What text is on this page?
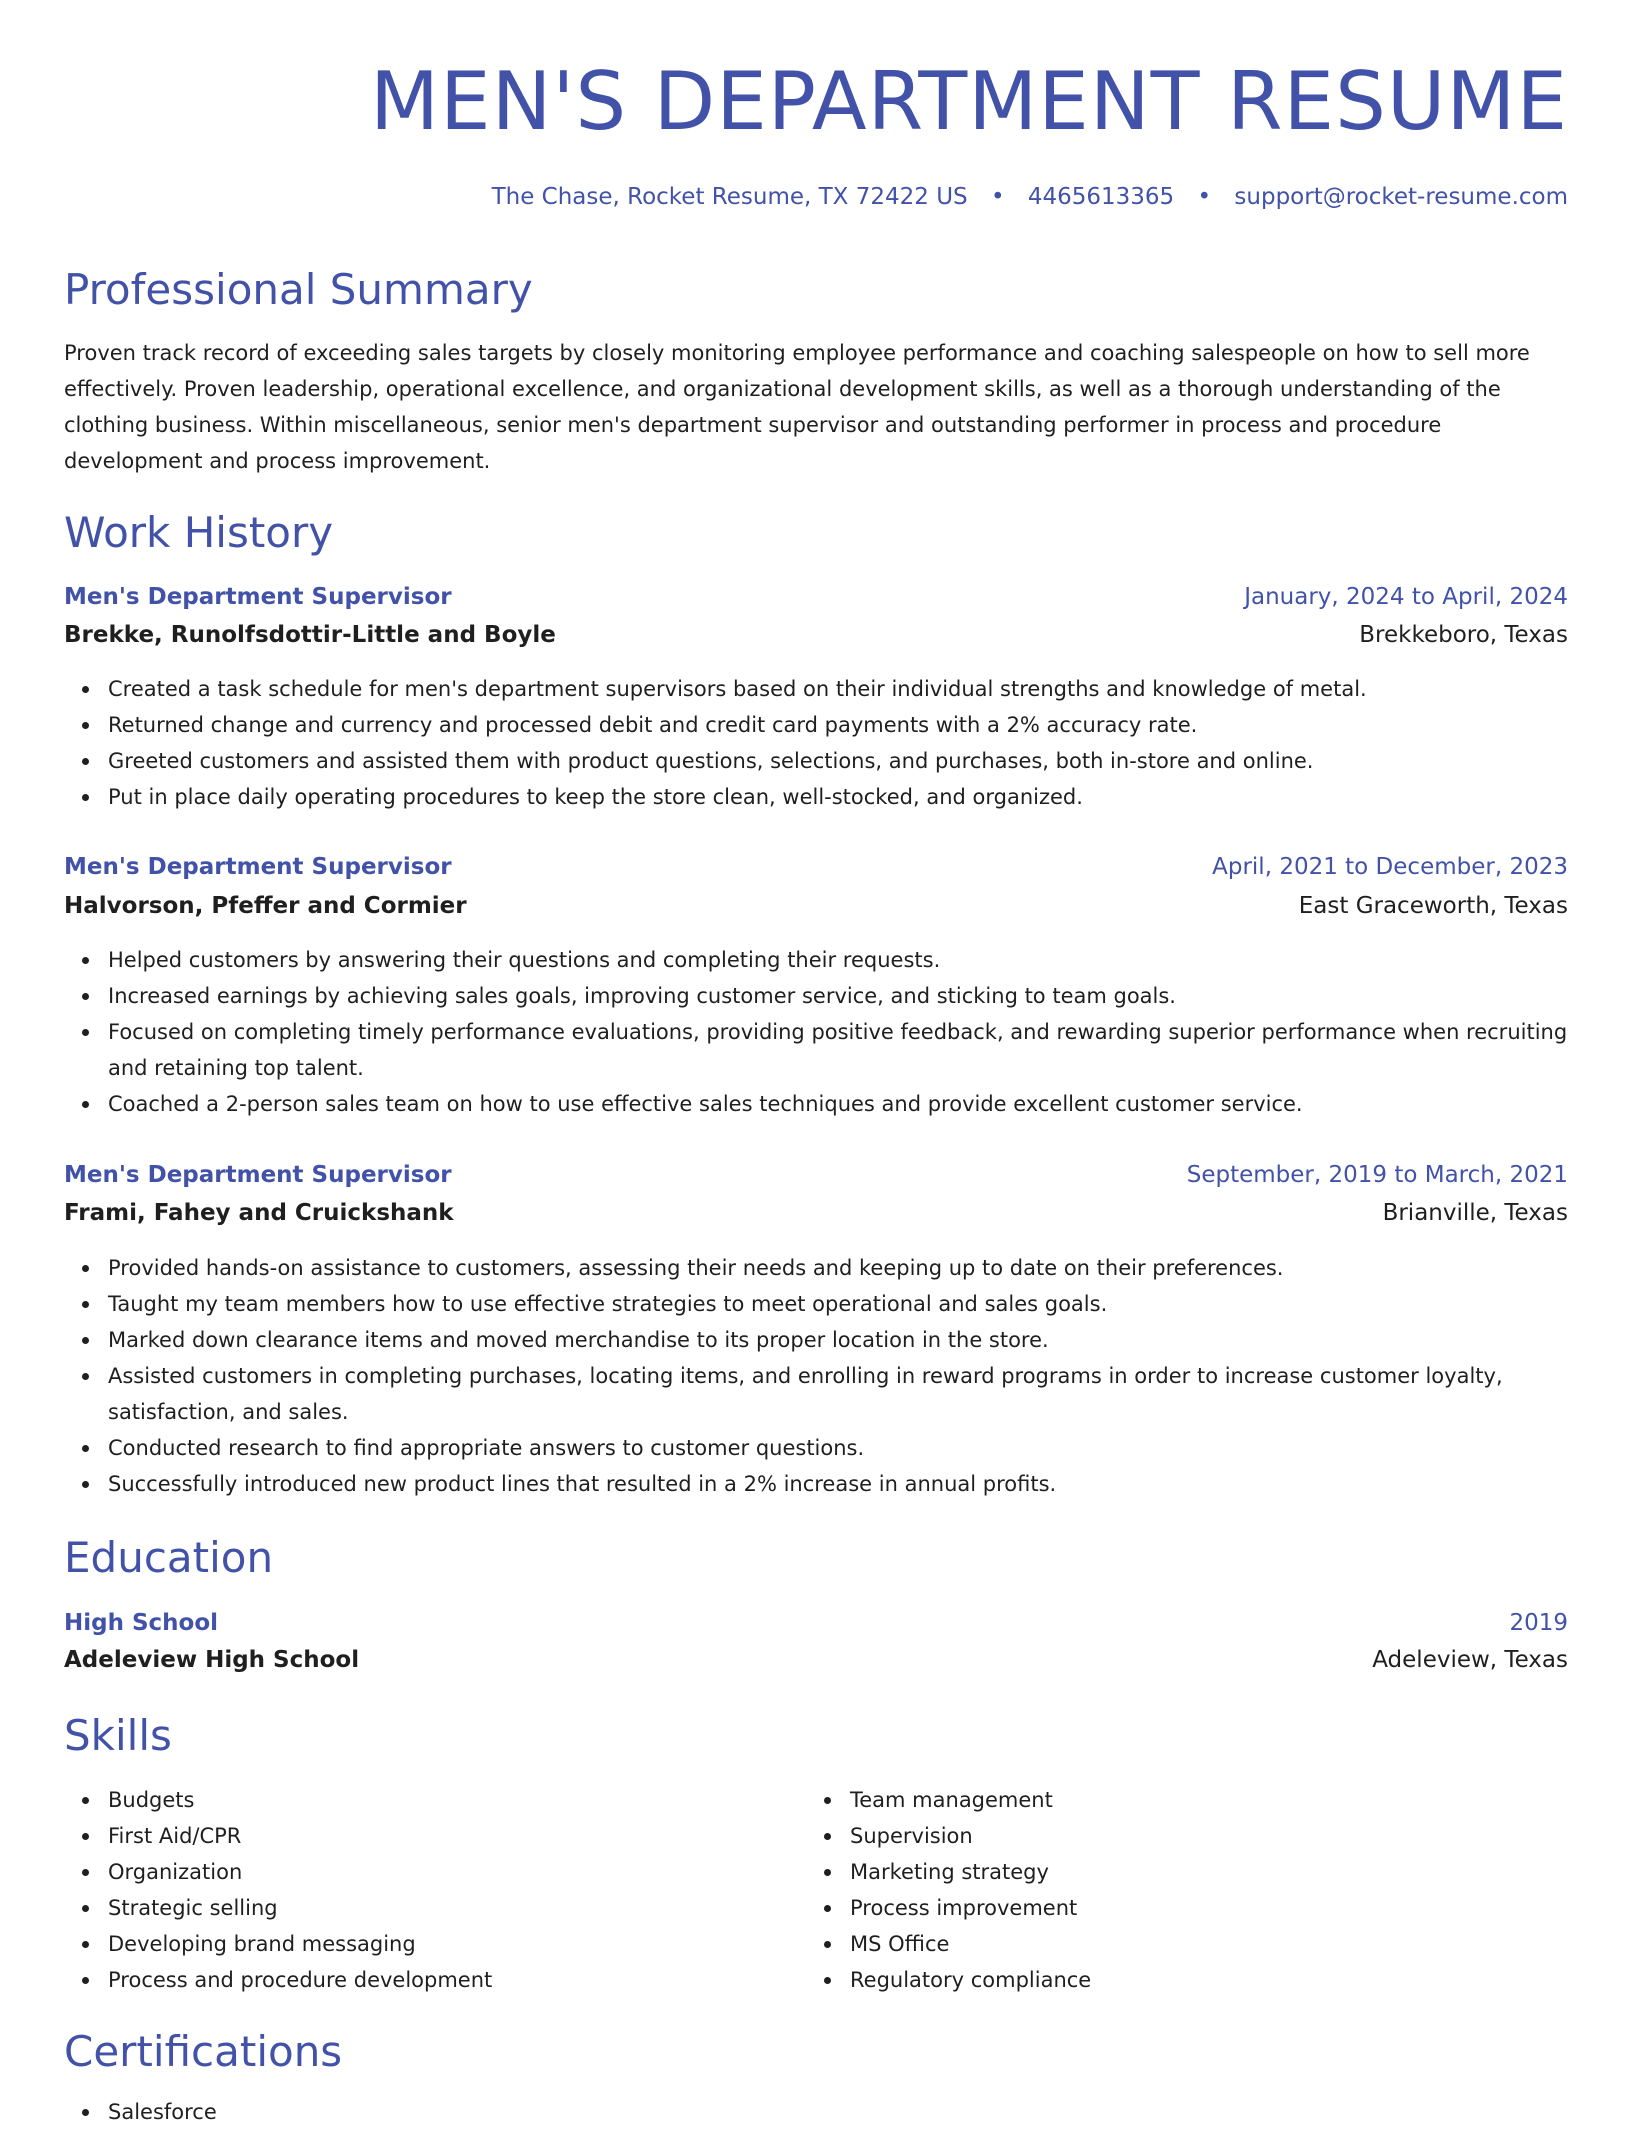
MEN'S DEPARTMENT RESUME
The Chase, Rocket Resume, TX 72422 US • 4465613365 • support@rocket-resume.com
Professional Summary

Proven track record of exceeding sales targets by closely monitoring employee performance and coaching salespeople on how to sell more effectively. Proven leadership, operational excellence, and organizational development skills, as well as a thorough understanding of the clothing business. Within miscellaneous, senior men's department supervisor and outstanding performer in process and procedure development and process improvement.

Work History
Men's Department Supervisor	January, 2024 to April, 2024
Brekke, Runolfsdottir-Little and Boyle	Brekkeboro, Texas
Created a task schedule for men's department supervisors based on their individual strengths and knowledge of metal.
Returned change and currency and processed debit and credit card payments with a 2% accuracy rate.
Greeted customers and assisted them with product questions, selections, and purchases, both in-store and online.
Put in place daily operating procedures to keep the store clean, well-stocked, and organized.
Men's Department Supervisor	April, 2021 to December, 2023
Halvorson, Pfeffer and Cormier	East Graceworth, Texas
Helped customers by answering their questions and completing their requests.
Increased earnings by achieving sales goals, improving customer service, and sticking to team goals.
Focused on completing timely performance evaluations, providing positive feedback, and rewarding superior performance when recruiting and retaining top talent.
Coached a 2-person sales team on how to use effective sales techniques and provide excellent customer service.
Men's Department Supervisor	September, 2019 to March, 2021
Frami, Fahey and Cruickshank	Brianville, Texas
Provided hands-on assistance to customers, assessing their needs and keeping up to date on their preferences.
Taught my team members how to use effective strategies to meet operational and sales goals.
Marked down clearance items and moved merchandise to its proper location in the store.
Assisted customers in completing purchases, locating items, and enrolling in reward programs in order to increase customer loyalty, satisfaction, and sales.
Conducted research to find appropriate answers to customer questions.
Successfully introduced new product lines that resulted in a 2% increase in annual profits.
Education
High School	2019
Adeleview High School	Adeleview, Texas
Skills
Budgets
First Aid/CPR
Organization
Strategic selling
Developing brand messaging
Process and procedure development
Team management
Supervision
Marketing strategy
Process improvement
MS Office
Regulatory compliance
Certifications
Salesforce
